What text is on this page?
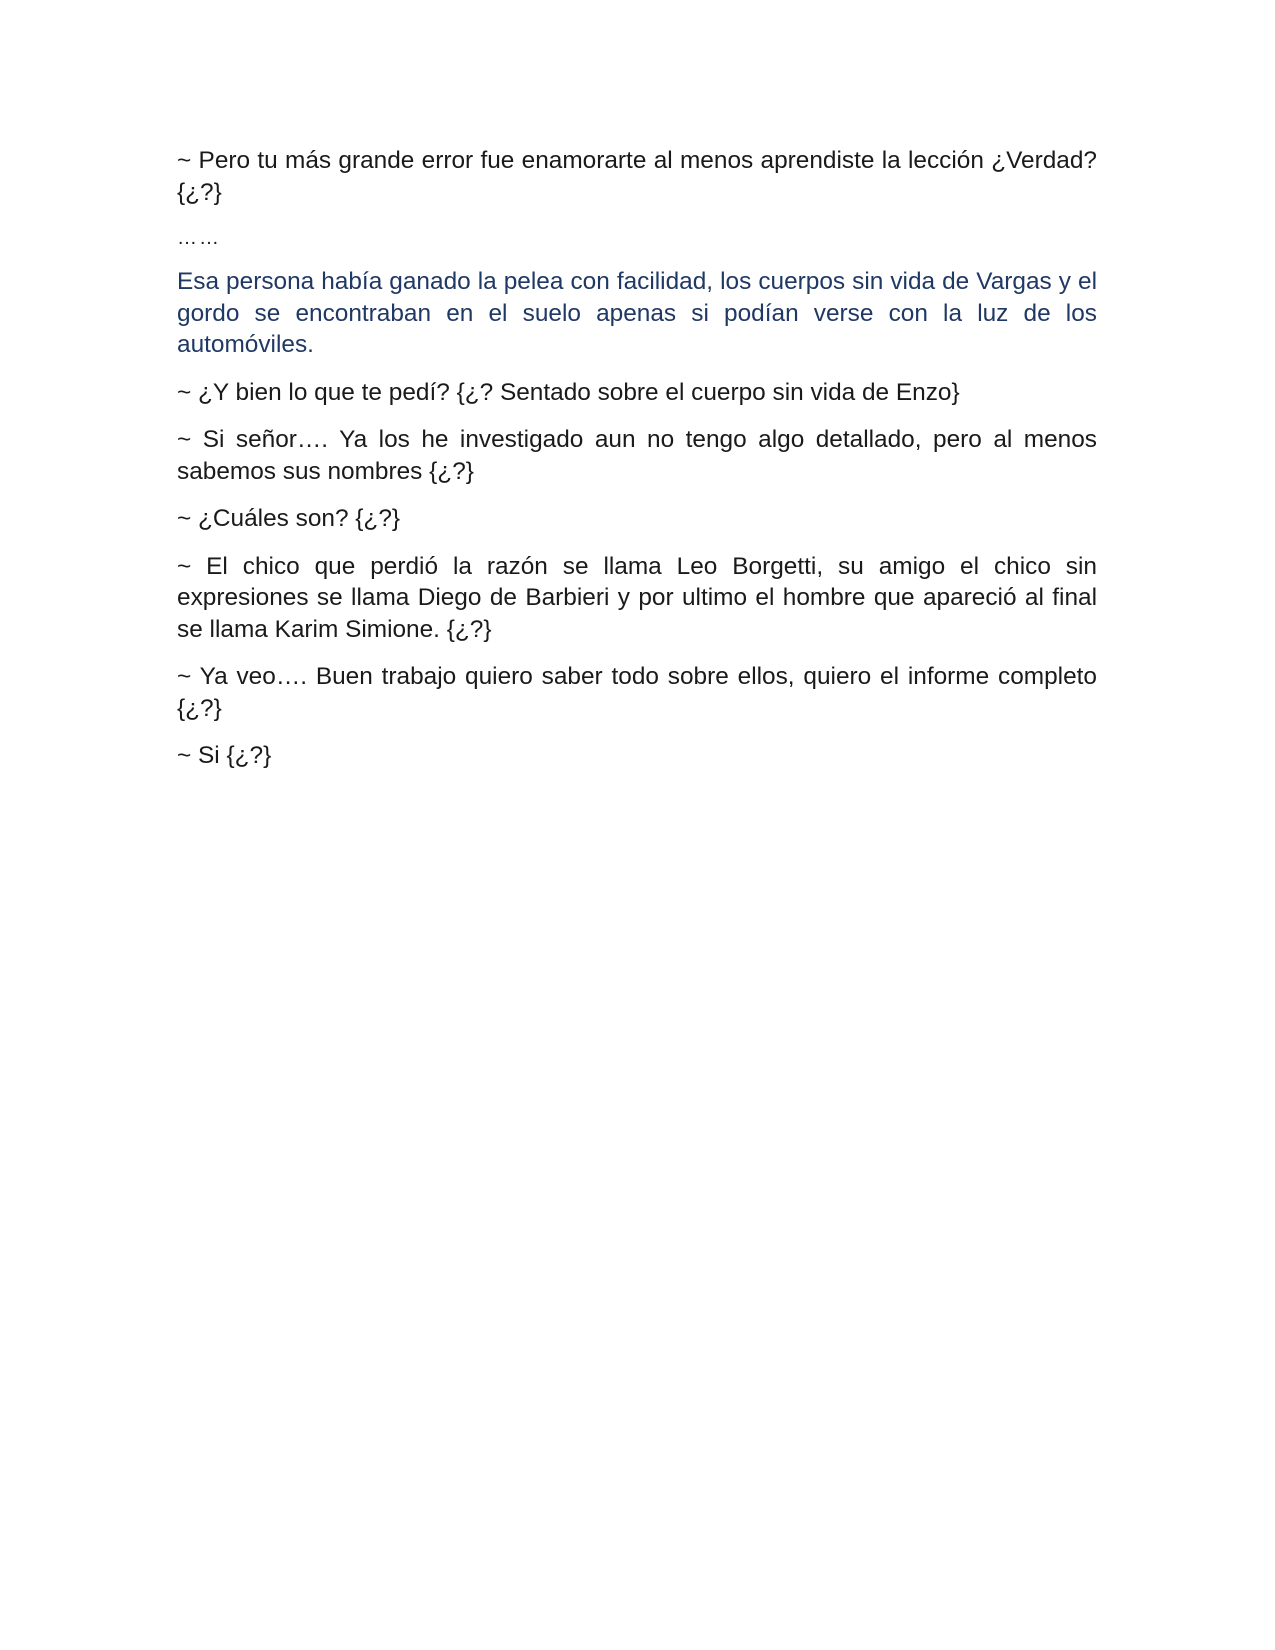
~ Pero tu más grande error fue enamorarte al menos aprendiste la lección ¿Verdad? {¿?}

……

Esa persona había ganado la pelea con facilidad, los cuerpos sin vida de Vargas y el gordo se encontraban en el suelo apenas si podían verse con la luz de los automóviles.

~ ¿Y bien lo que te pedí? {¿? Sentado sobre el cuerpo sin vida de Enzo}

~ Si señor…. Ya los he investigado aun no tengo algo detallado, pero al menos sabemos sus nombres {¿?}

~ ¿Cuáles son? {¿?}

~ El chico que perdió la razón se llama Leo Borgetti, su amigo el chico sin expresiones se llama Diego de Barbieri y por ultimo el hombre que apareció al final se llama Karim Simione. {¿?}

~ Ya veo…. Buen trabajo quiero saber todo sobre ellos, quiero el informe completo {¿?}

~ Si {¿?}
